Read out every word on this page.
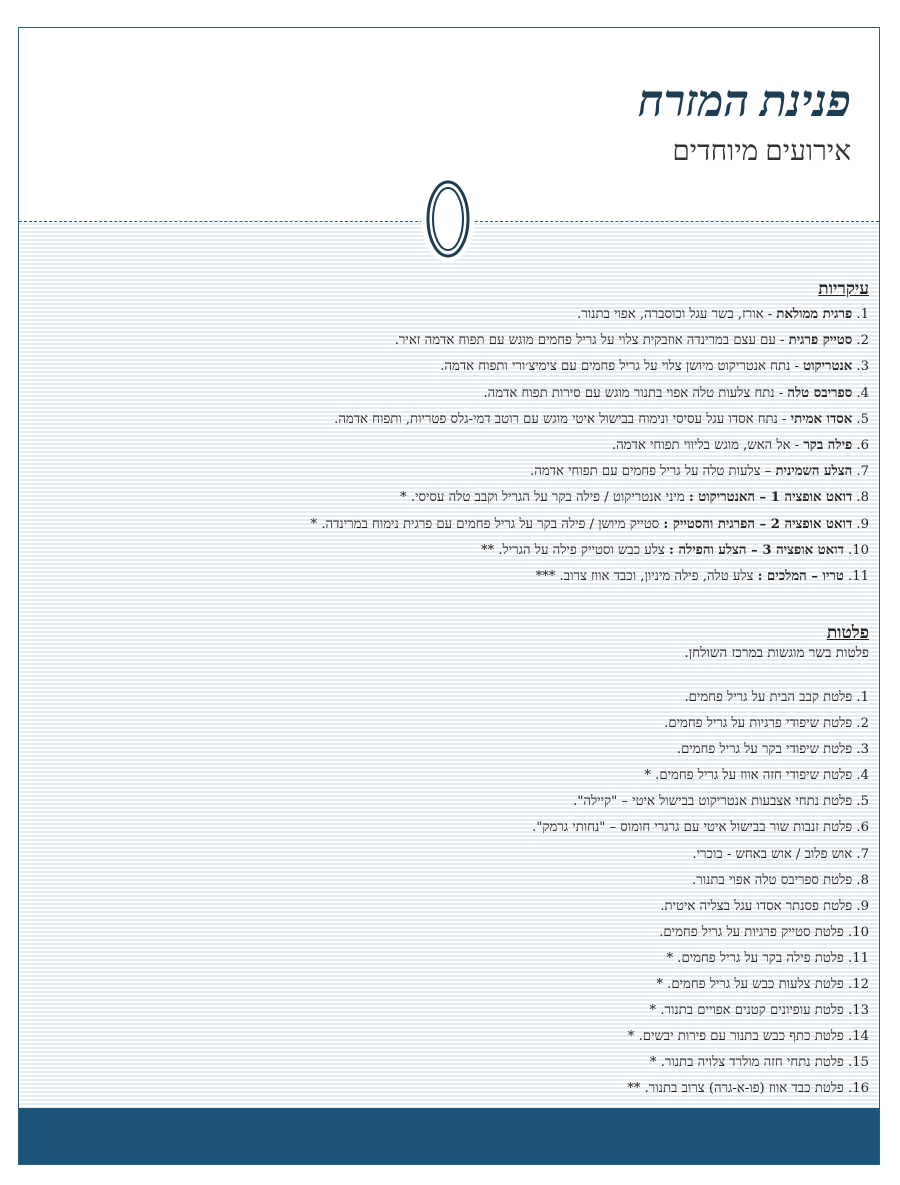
פנינת המזרח
אירועים מיוחדים
עיקריות
1. פרגית ממולאת - אורז, בשר עגל וכוסברה, אפוי בתנור.
2. סטייק פרגית - עם עצם במרינדה אוזבקית צלוי על גריל פחמים מוגש עם תפוח אדמה זאיר.
3. אנטריקוט - נתח אנטריקוט מיושן צלוי על גריל פחמים עם צימיצ׳ורי ותפוח אדמה.
4. ספריבס טלה - נתח צלעות טלה אפוי בתנור מוגש עם סירות תפוח אדמה.
5. אסדו אמיתי - נתח אסדו עגל עסיסי ונימוח בבישול איטי מוגש עם רוטב דמי-גלס פטריות, ותפוח אדמה.
6. פילה בקר - אל האש, מוגש בליווי תפוחי אדמה.
7. הצלע השמינית – צלעות טלה על גריל פחמים עם תפוחי אדמה.
8. דואט אופציה 1 – האנטריקוט : מיני אנטריקוט / פילה בקר על הגריל וקבב טלה עסיסי. *
9. דואט אופציה 2 – הפרגית והסטייק : סטייק מיושן / פילה בקר על גריל פחמים עם פרגית נימוח במרינדה. *
10. דואט אופציה 3 – הצלע והפילה : צלע כבש וסטייק פילה על הגריל. **
11. טריו – המלכים : צלע טלה, פילה מיניון, וכבד אווז צרוב. ***
פלטות
פלטות בשר מוגשות במרכז השולחן.
1. פלטת קבב הבית על גריל פחמים.
2. פלטת שיפודי פרגיות על גריל פחמים.
3. פלטת שיפודי בקר על גריל פחמים.
4. פלטת שיפודי חזה אווז על גריל פחמים. *
5. פלטת נתחי אצבעות אנטריקוט בבישול איטי – "קיילה".
6. פלטת זנבות שור בבישול איטי עם גרגרי חומוס – "נחותי גרמק".
7. אוש פלוב / אוש באחש - בוכרי.
8. פלטת ספריבס טלה אפוי בתנור.
9. פלטת פסנתר אסדו עגל בצליה איטית.
10. פלטת סטייק פרגיות על גריל פחמים.
11. פלטת פילה בקר על גריל פחמים. *
12. פלטת צלעות כבש על גריל פחמים. *
13. פלטת עופיונים קטנים אפויים בתנור. *
14. פלטת כתף כבש בתנור עם פירות יבשים. *
15. פלטת נתחי חזה מולרד צלויה בתנור. *
16. פלטת כבד אווז (פו-א-גרה) צרוב בתנור. **
